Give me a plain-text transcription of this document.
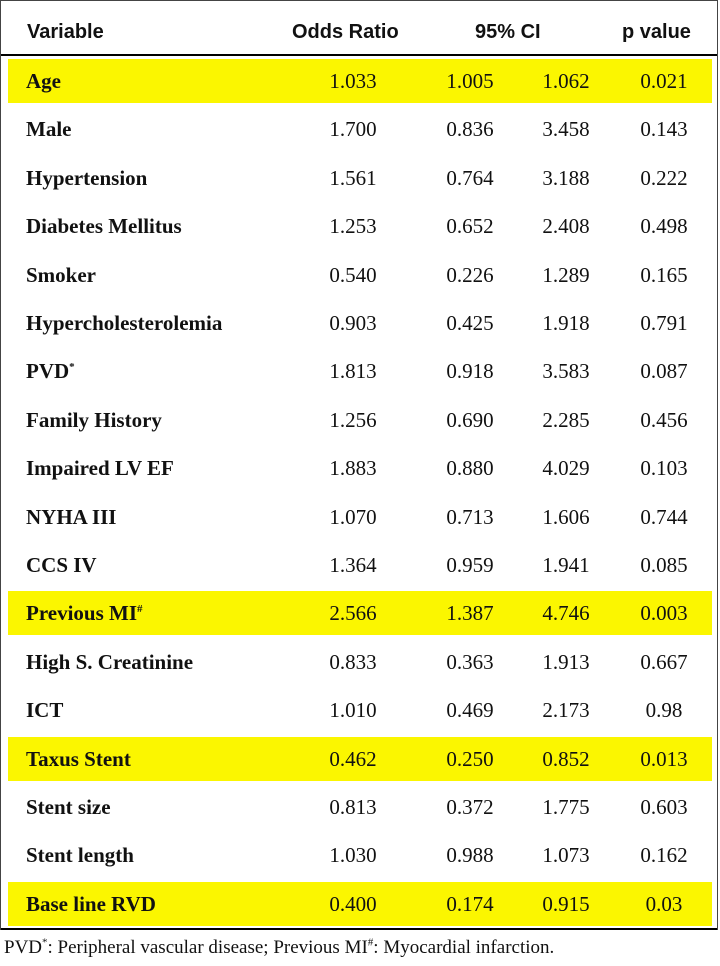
Variable	Odds Ratio	95% CI	p value
Age	1.033	1.005	1.062	0.021
Male	1.700	0.836	3.458	0.143
Hypertension	1.561	0.764	3.188	0.222
Diabetes Mellitus	1.253	0.652	2.408	0.498
Smoker	0.540	0.226	1.289	0.165
Hypercholesterolemia	0.903	0.425	1.918	0.791
PVD*	1.813	0.918	3.583	0.087
Family History	1.256	0.690	2.285	0.456
Impaired LV EF	1.883	0.880	4.029	0.103
NYHA III	1.070	0.713	1.606	0.744
CCS IV	1.364	0.959	1.941	0.085
Previous MI#	2.566	1.387	4.746	0.003
High S. Creatinine	0.833	0.363	1.913	0.667
ICT	1.010	0.469	2.173	0.98
Taxus Stent	0.462	0.250	0.852	0.013
Stent size	0.813	0.372	1.775	0.603
Stent length	1.030	0.988	1.073	0.162
Base line RVD	0.400	0.174	0.915	0.03
PVD*: Peripheral vascular disease; Previous MI#: Myocardial infarction.
